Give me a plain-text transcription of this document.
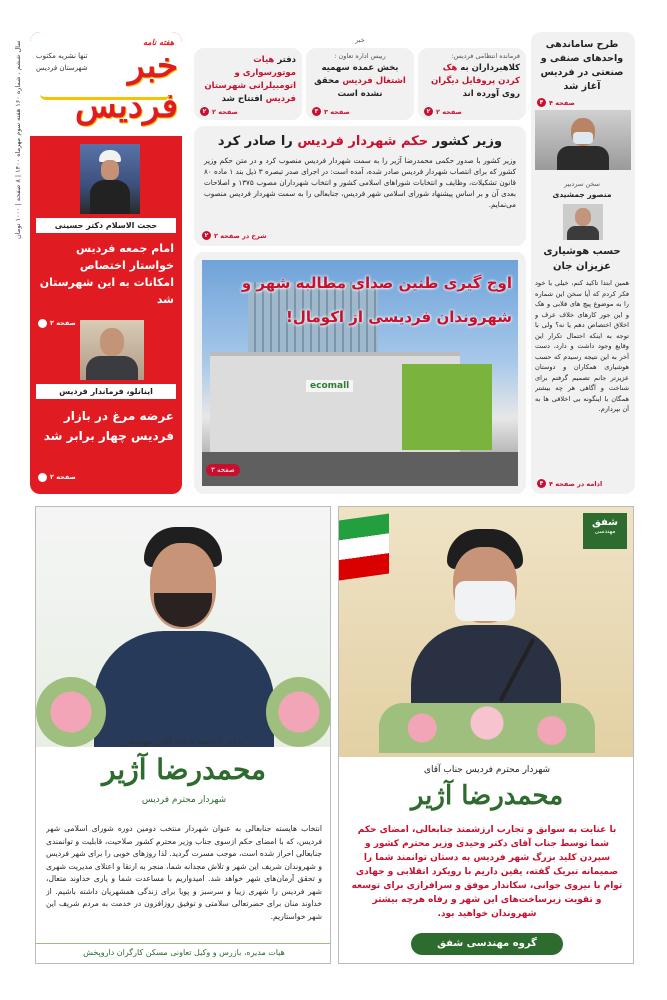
هفته نامه
خبر فردیس
تنها نشریه مکتوب
شهرستان فردیس
حجت الاسلام دکتر حسینی
امام جمعه فردیس خواستار اختصاص امکانات به این شهرستان شد
صفحه ۲
اینانلو، فرماندار فردیس
عرضه مرغ در بازار فردیس چهار برابر شد
صفحه ۲
سال ششم ، شماره ۱۶۰ هفته سوم مهرماه ۱۴۰۰ | ۸ صفحه | ۱۰۰۰ تومان	فرمانده انتظامی فردیس:
کلاهبرداران به هک کردن پروفایل دیگران روی آورده اند
صفحه ۲
۲
رییس اداره تعاون :
بخش عمده سهمیه اشتغال فردیس محقق نشده است
صفحه ۳
۳
دفتر هیات موتورسواری و اتومبیلرانی شهرستان فردیس افتتاح شد
صفحه ۲
۲
خبر
وزیر کشور حکم شهردار فردیس را صادر کرد
وزیر کشور با صدور حکمی محمدرضا آژیر را به سمت شهردار فردیس منصوب کرد و در متن حکم وزیر کشور که برای انتصاب شهردار فردیس صادر شده، آمده است: در اجرای صدر تبصره ۳ ذیل بند ۱ ماده ۸۰ قانون تشکیلات، وظایف و انتخابات شوراهای اسلامی کشور و انتخاب شهرداران مصوب ۱۳۷۵ و اصلاحات بعدی آن و بر اساس پیشنهاد شورای اسلامی شهر فردیس، جنابعالی را به سمت شهردار فردیس منصوب می‌نمایم.
شرح در صفحه ۲
۲
ecomall
اوج گیری طنین صدای مطالبه شهر و
شهروندان فردیسی از اکومال!
صفحه ۳
طرح ساماندهی واحدهای صنفی و صنعتی در فردیس آغاز شد
صفحه ۴
۴
سخن سردبیر
منصور جمشیدی
حسب هوشیاری عزیزان جان
همین ابتدا تاکید کنم، خیلی با خود فکر کردم که آیا سخن این شماره را به موضوع پیچ های قلابی و هک و این جور کارهای خلاف عرف و اخلاق اختصاص دهم یا نه؟ ولی با توجه به اینکه احتمال تکرار این وقایع وجود داشت و دارد، دست آخر به این نتیجه رسیدم که حسب هوشیاری همکاران و دوستان عزیزتر جانم تصمیم گرفتم برای شناخت و آگاهی هر چه بیشتر همگان با اینگونه بی اخلاقی ها به آن بپردازم.
ادامه در صفحه ۴
۴
شفق
مهندسی
شهردار محترم فردیس جناب آقای
محمدرضا آژیر
با عنایت به سوابق و تجارب ارزشمند جنابعالی، امضای حکم شما توسط جناب آقای دکتر وحیدی وزیر محترم کشور و سپردن کلید بزرگ شهر فردیس به دستان توانمند شما را صمیمانه تبریک گفته، یقین داریم با رویکرد انقلابی و جهادی توام با نیروی جوانی، سکاندار موفق و سرافرازی برای توسعه و تقویت زیرساخت‌های این شهر و رفاه هرچه بیشتر شهروندان خواهید بود.
گروه مهندسی شفق
برادر ارجمند جناب آقای مهندس
محمدرضا آژیر
شهردار محترم فردیس
انتخاب هایسته جنابعالی به عنوان شهردار منتخب دومین دوره شورای اسلامی شهر فردیس، که با امضای حکم ازسوی جناب وزیر محترم کشور صلاحیت، قابلیت و توانمندی جنابعالی احراز شده است، موجب مسرت گردید. لذا روزهای خوبی را برای شهر فردیس و شهروندان شریف این شهر و تلاش مجدانه شما، منجر به ارتقا و اعتلای مدیریت شهری و تحقق آرمان‌های شهر خواهد شد. امیدواریم با مساعدت شما و یاری خداوند متعال، شهر فردیس را شهری زیبا و سرسبز و پویا برای زندگی همشهریان داشته باشیم. از خداوند منان برای حضرتعالی سلامتی و توفیق روزافزون در خدمت به مردم شریف این شهر خواستاریم.
هیات مدیره، بازرس و وکیل تعاونی مسکن کارگران داروپخش
